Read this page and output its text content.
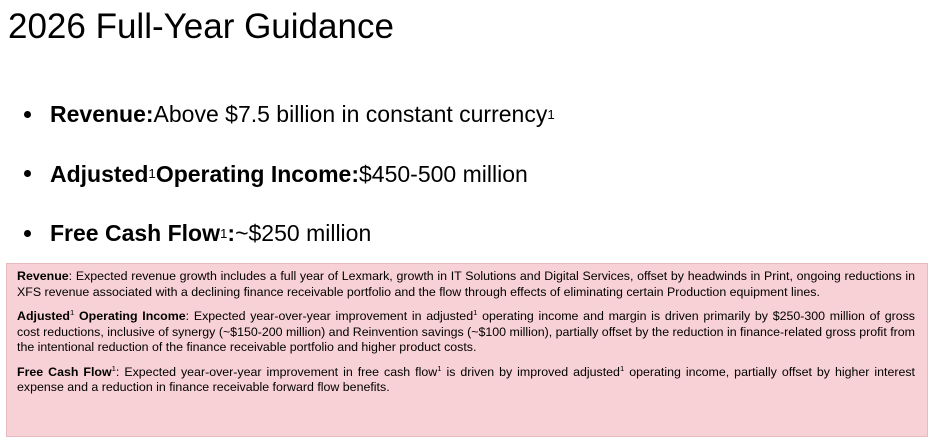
2026 Full-Year Guidance
Revenue: Above $7.5 billion in constant currency 1
Adjusted 1 Operating Income: $450-500 million
Free Cash Flow 1 : ~$250 million

Revenue: Expected revenue growth includes a full year of Lexmark, growth in IT Solutions and Digital Services, offset by headwinds in Print, ongoing reductions in XFS revenue associated with a declining finance receivable portfolio and the flow through effects of eliminating certain Production equipment lines.

Adjusted$^1$ Operating Income: Expected year-over-year improvement in adjusted$^1$ operating income and margin is driven primarily by $250-300 million of gross cost reductions, inclusive of synergy (~$150-200 million) and Reinvention savings (~$100 million), partially offset by the reduction in finance-related gross profit from the intentional reduction of the finance receivable portfolio and higher product costs.

Free Cash Flow$^1$: Expected year-over-year improvement in free cash flow$^1$ is driven by improved adjusted$^1$ operating income, partially offset by higher interest expense and a reduction in finance receivable forward flow benefits.
